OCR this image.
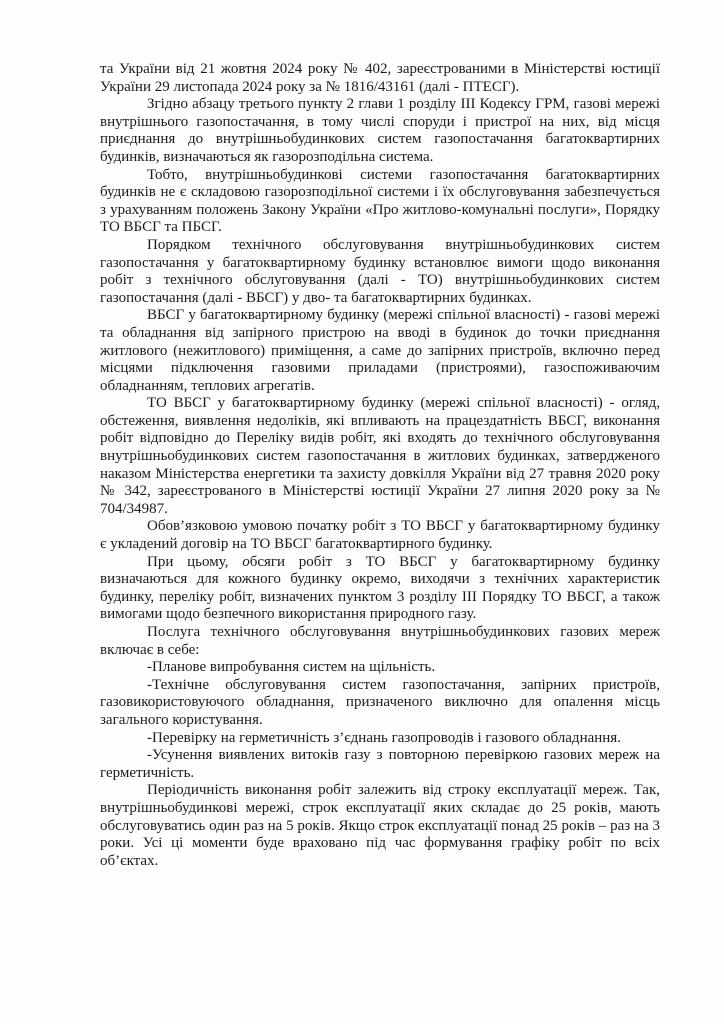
та України від 21 жовтня 2024 року № 402, зареєстрованими в Міністерстві юстиції України 29 листопада 2024 року за № 1816/43161 (далі - ПТЕСГ).

Згідно абзацу третього пункту 2 глави 1 розділу ІІІ Кодексу ГРМ, газові мережі внутрішнього газопостачання, в тому числі споруди і пристрої на них, від місця приєднання до внутрішньобудинкових систем газопостачання багатоквартирних будинків, визначаються як газорозподільна система.

Тобто, внутрішньобудинкові системи газопостачання багатоквартирних будинків не є складовою газорозподільної системи і їх обслуговування забезпечується з урахуванням положень Закону України «Про житлово-комунальні послуги», Порядку ТО ВБСГ та ПБСГ.

Порядком технічного обслуговування внутрішньобудинкових систем газопостачання у багатоквартирному будинку встановлює вимоги щодо виконання робіт з технічного обслуговування (далі - ТО) внутрішньобудинкових систем газопостачання (далі - ВБСГ) у дво- та багатоквартирних будинках.

ВБСГ у багатоквартирному будинку (мережі спільної власності) - газові мережі та обладнання від запірного пристрою на вводі в будинок до точки приєднання житлового (нежитлового) приміщення, а саме до запірних пристроїв, включно перед місцями підключення газовими приладами (пристроями), газоспоживаючим обладнанням, теплових агрегатів.

ТО ВБСГ у багатоквартирному будинку (мережі спільної власності) - огляд, обстеження, виявлення недоліків, які впливають на працездатність ВБСГ, виконання робіт відповідно до Переліку видів робіт, які входять до технічного обслуговування внутрішньобудинкових систем газопостачання в житлових будинках, затвердженого наказом Міністерства енергетики та захисту довкілля України від 27 травня 2020 року № 342, зареєстрованого в Міністерстві юстиції України 27 липня 2020 року за № 704/34987.

Обов’язковою умовою початку робіт з ТО ВБСГ у багатоквартирному будинку є укладений договір на ТО ВБСГ багатоквартирного будинку.

При цьому, обсяги робіт з ТО ВБСГ у багатоквартирному будинку визначаються для кожного будинку окремо, виходячи з технічних характеристик будинку, переліку робіт, визначених пунктом 3 розділу ІІІ Порядку ТО ВБСГ, а також вимогами щодо безпечного використання природного газу.

Послуга технічного обслуговування внутрішньобудинкових газових мереж включає в себе:

-Планове випробування систем на щільність.

-Технічне обслуговування систем газопостачання, запірних пристроїв, газовикористовуючого обладнання, призначеного виключно для опалення місць загального користування.

-Перевірку на герметичність з’єднань газопроводів і газового обладнання.

-Усунення виявлених витоків газу з повторною перевіркою газових мереж на герметичність.

Періодичність виконання робіт залежить від строку експлуатації мереж. Так, внутрішньобудинкові мережі, строк експлуатації яких складає до 25 років, мають обслуговуватись один раз на 5 років. Якщо строк експлуатації понад 25 років – раз на 3 роки. Усі ці моменти буде враховано під час формування графіку робіт по всіх об’єктах.
